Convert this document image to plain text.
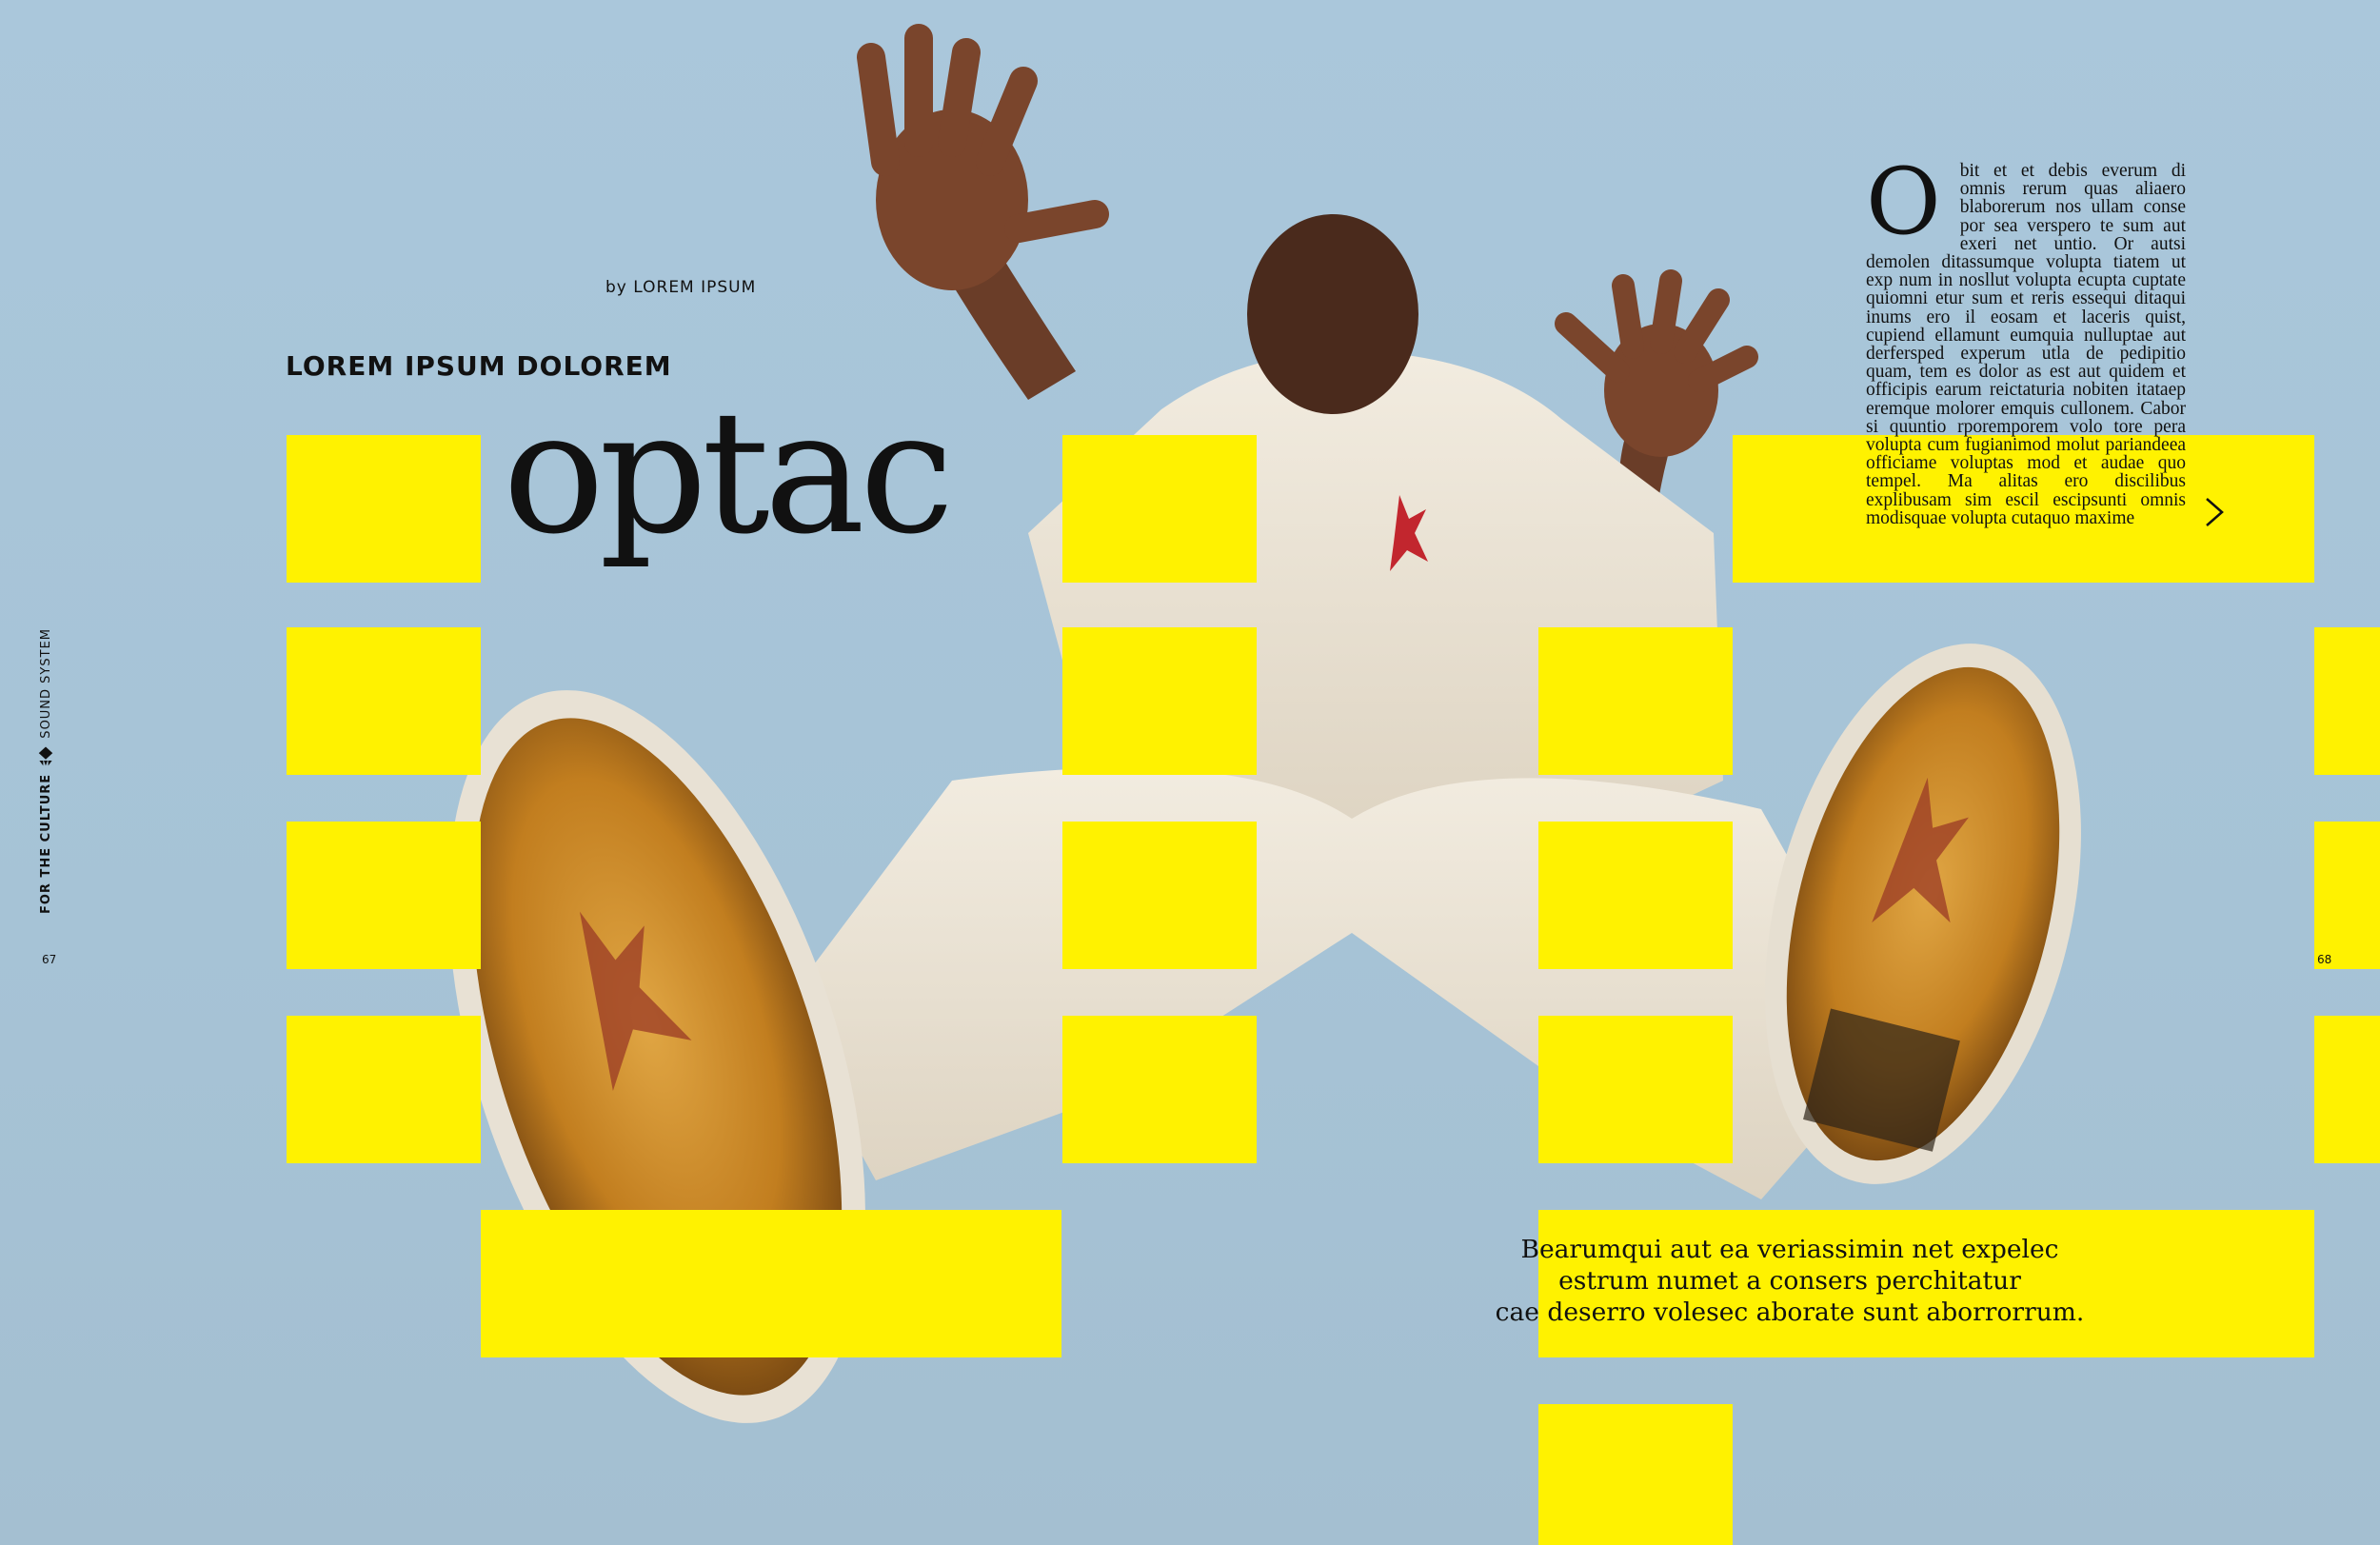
FOR THE CULTURE
SOUND SYSTEM
67	68
by LOREM IPSUM
LOREM IPSUM DOLOREM
optac
O bit et et debis everum di omnis rerum quas aliaero blaborerum nos ullam conse por sea verspero te sum aut exeri net untio. Or autsi demolen ditassumque volupta tiatem ut exp num in nosllut volupta ecupta cuptate quiomni etur sum et reris essequi ditaqui inums ero il eosam et laceris quist, cupiend ellamunt eumquia nulluptae aut derfersped experum utla de pedipitio quam, tem es dolor as est aut quidem et officipis earum reictaturia nobiten itataep eremque molorer emquis cullonem. Cabor si quuntio rporemporem volo tore pera volupta cum fugianimod molut pariandeea officiame voluptas mod et audae quo tempel. Ma alitas ero discilibus explibusam sim escil escipsunti omnis modisquae volupta cutaquo maxime
Bearumqui aut ea veriassimin net expelec
estrum numet a consers perchitatur
cae deserro volesec aborate sunt aborrorrum.
